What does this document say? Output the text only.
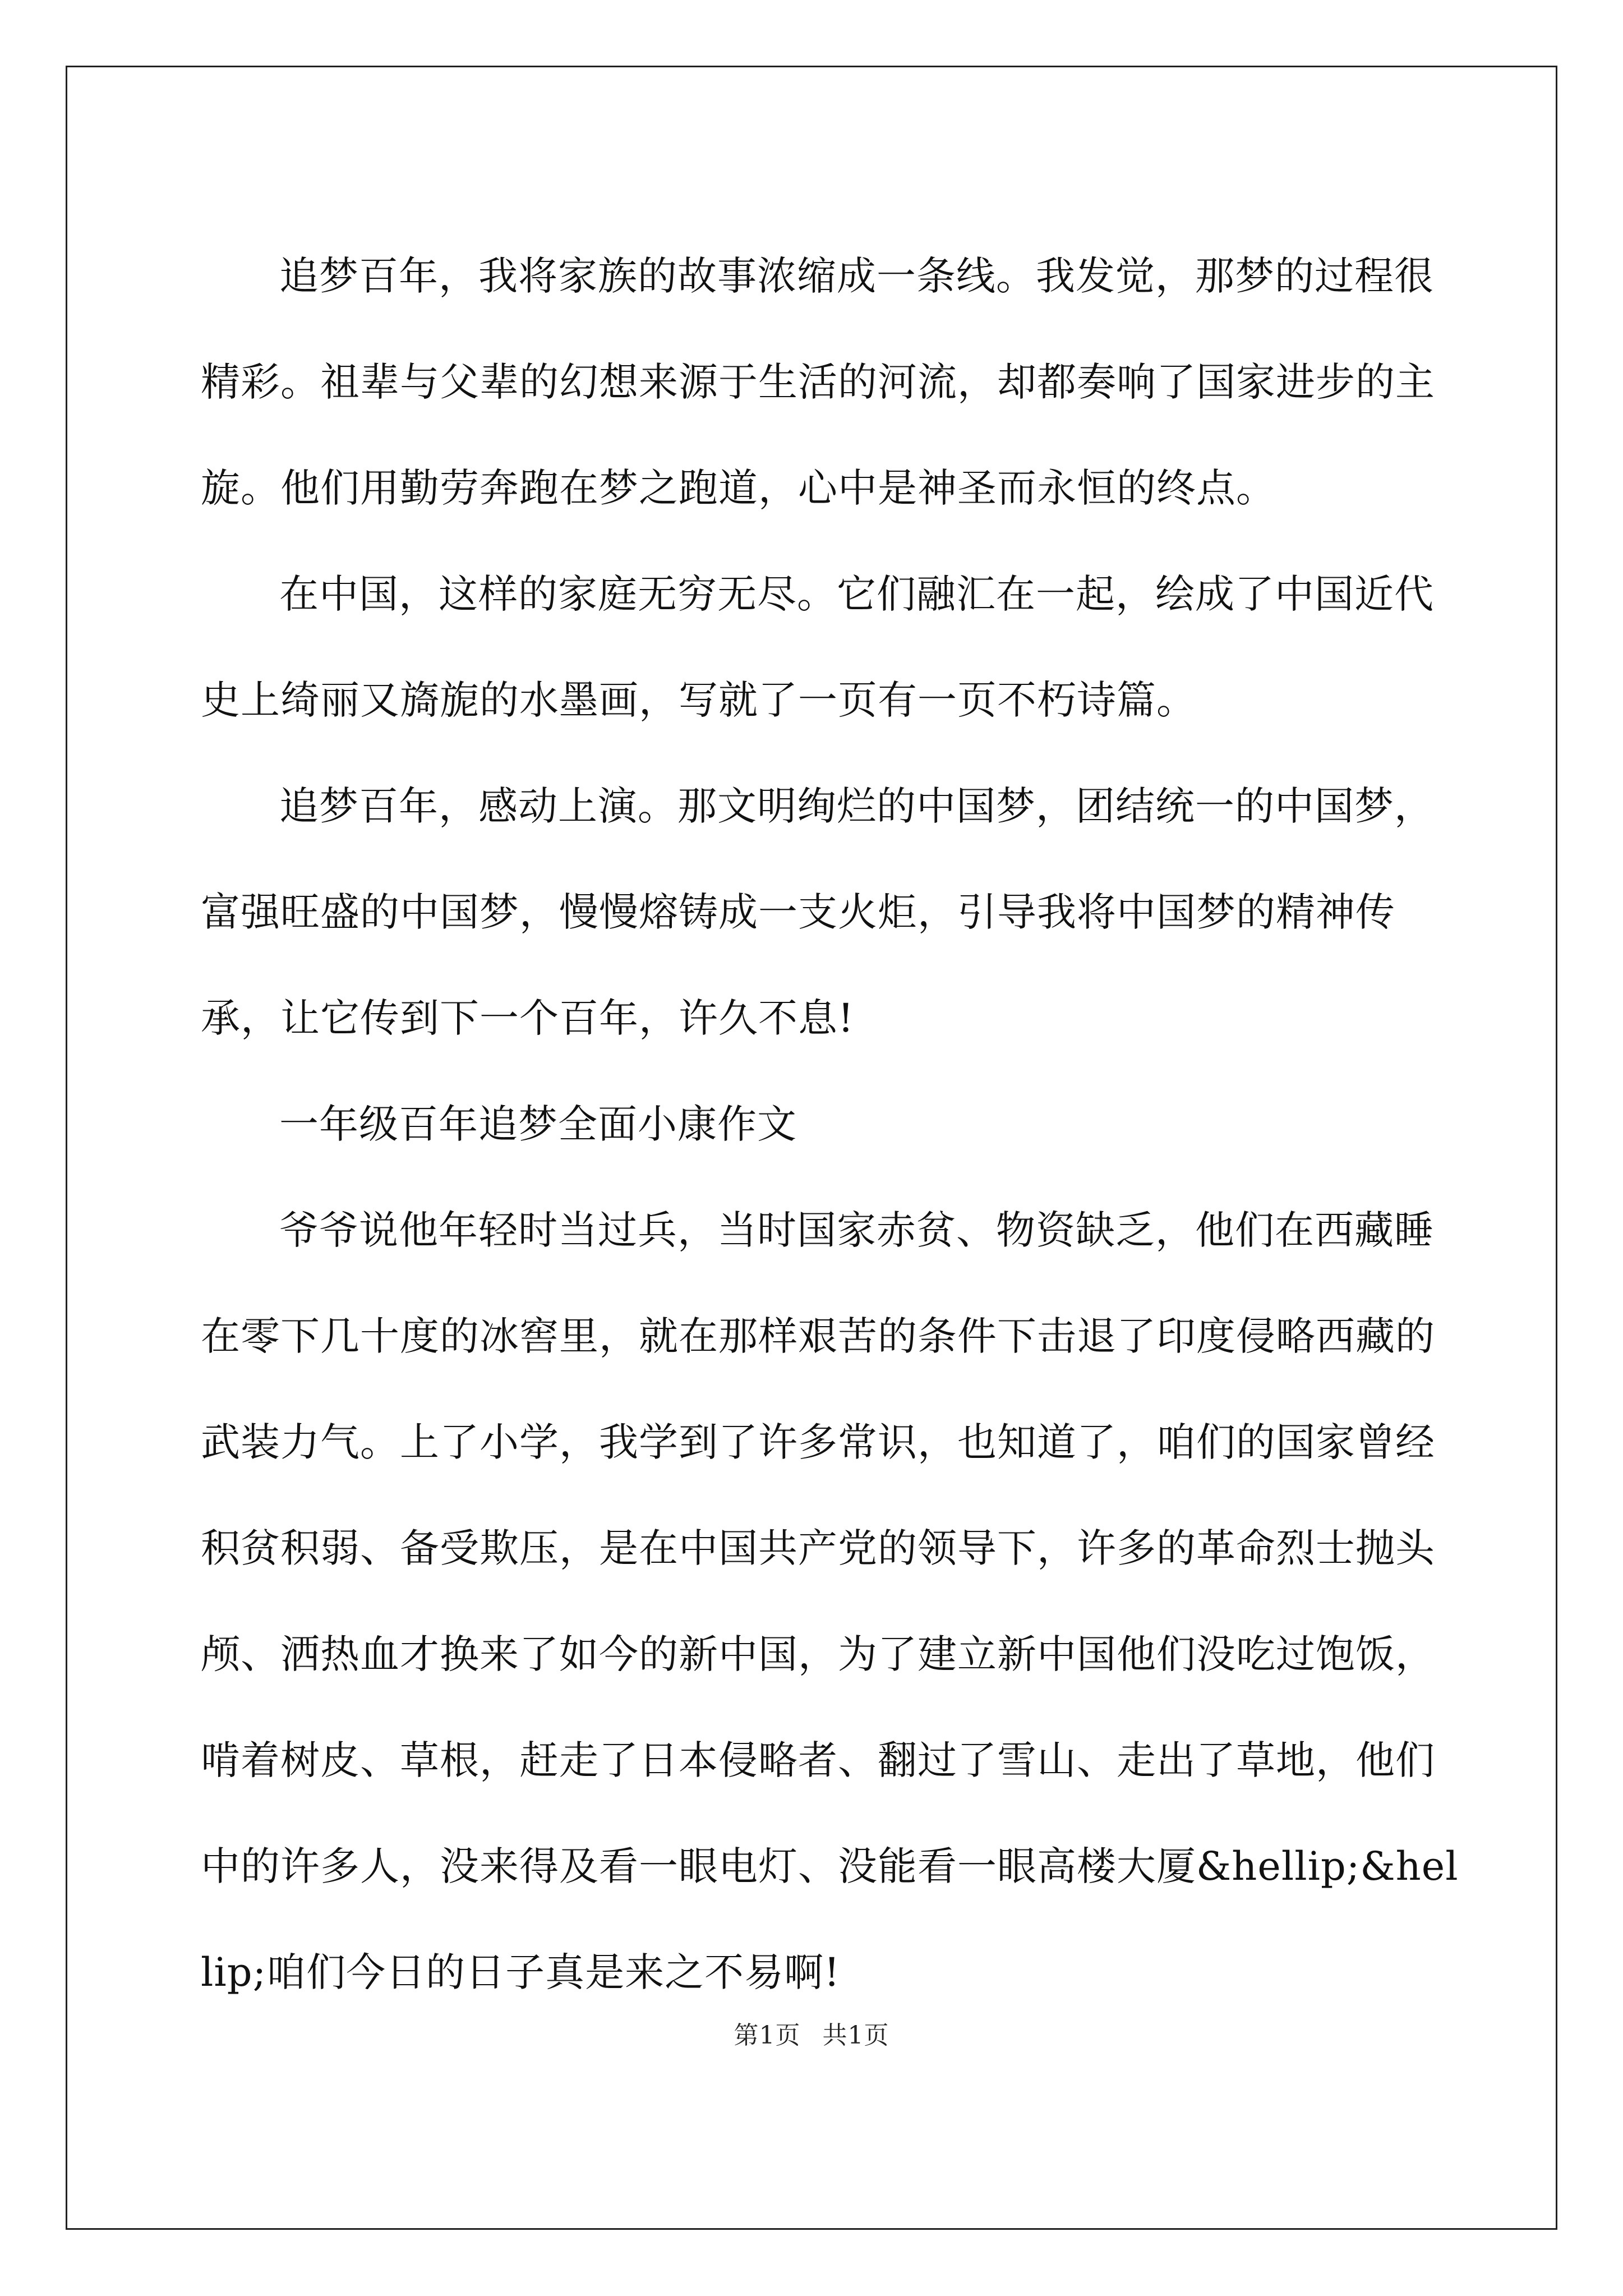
追梦百年，我将家族的故事浓缩成一条线。我发觉，那梦的过程很精彩。祖辈与父辈的幻想来源于生活的河流，却都奏响了国家进步的主旋。他们用勤劳奔跑在梦之跑道，心中是神圣而永恒的终点。

在中国，这样的家庭无穷无尽。它们融汇在一起，绘成了中国近代史上绮丽又旖旎的水墨画，写就了一页有一页不朽诗篇。

追梦百年，感动上演。那文明绚烂的中国梦，团结统一的中国梦，富强旺盛的中国梦，慢慢熔铸成一支火炬，引导我将中国梦的精神传承，让它传到下一个百年，许久不息!

一年级百年追梦全面小康作文

爷爷说他年轻时当过兵，当时国家赤贫、物资缺乏，他们在西藏睡在零下几十度的冰窖里，就在那样艰苦的条件下击退了印度侵略西藏的武装力气。上了小学，我学到了许多常识，也知道了，咱们的国家曾经积贫积弱、备受欺压，是在中国共产党的领导下，许多的革命烈士抛头颅、洒热血才换来了如今的新中国，为了建立新中国他们没吃过饱饭，啃着树皮、草根，赶走了日本侵略者、翻过了雪山、走出了草地，他们中的许多人，没来得及看一眼电灯、没能看一眼高楼大厦&hellip;&hellip;咱们今日的日子真是来之不易啊!

第1页 共1页
